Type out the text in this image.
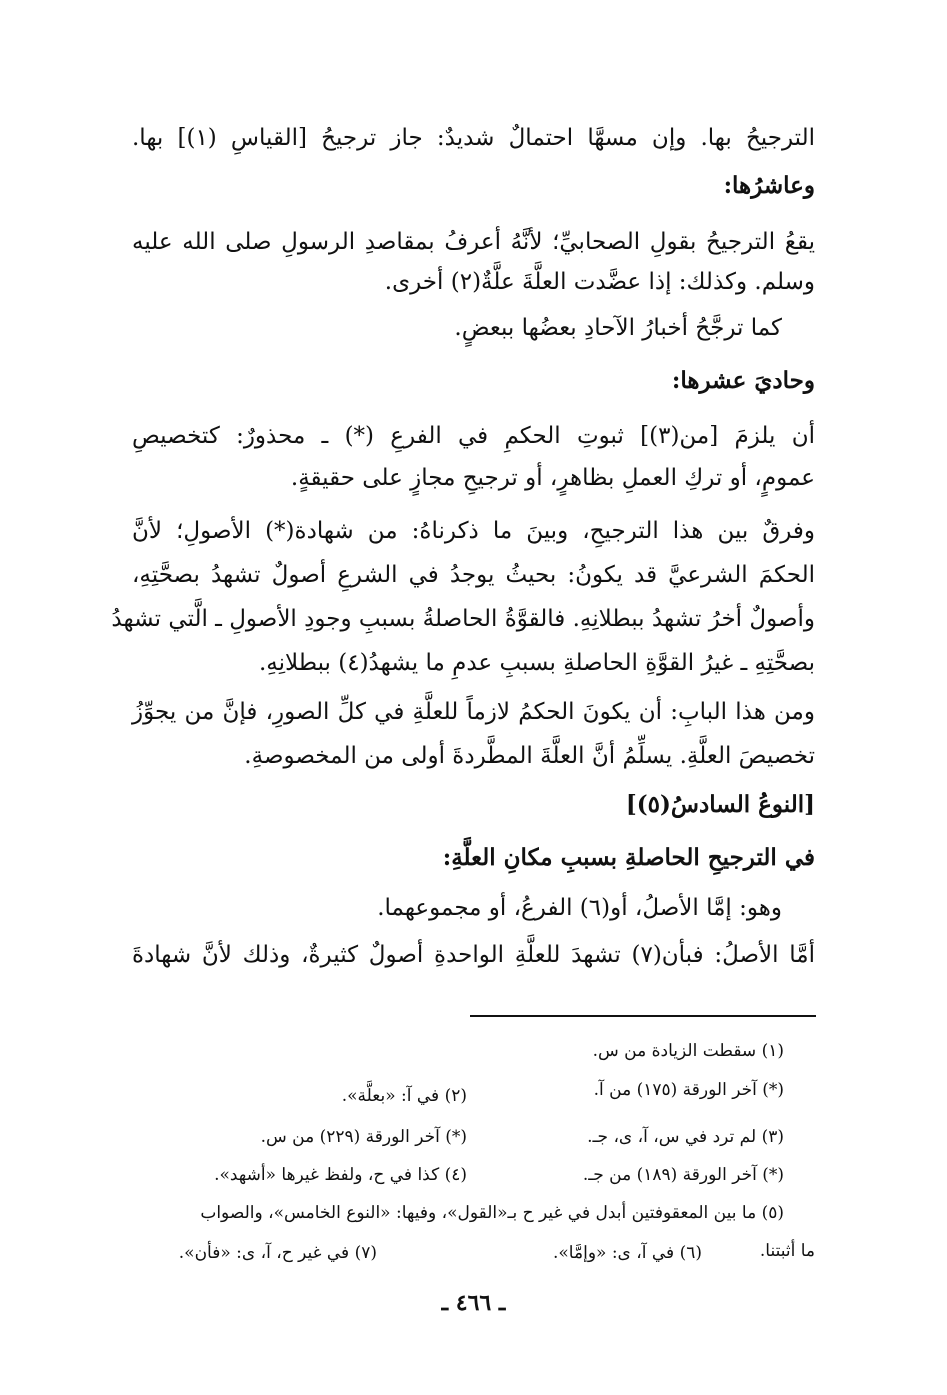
الترجيحُ بها. وإن مسهَّا احتمالٌ شديدٌ: جاز ترجيحُ [القياسِ (١)] بها.
وعاشرُها:
يقعُ الترجيحُ بقولِ الصحابيِّ؛ لأنَّهُ أعرفُ بمقاصدِ الرسولِ صلى الله عليه
وسلم. وكذلك: إذا عضَّدت العلَّةَ علَّةٌ(٢) أخرى.
كما ترجَّحُ أخبارُ الآحادِ بعضُها ببعضٍ.
وحاديَ عشرها:
أن يلزمَ [من(٣)] ثبوتِ الحكمِ في الفرعِ (*) ـ محذورٌ: كتخصيصِ
عمومٍ، أو تركِ العملِ بظاهرٍ، أو ترجيحِ مجازٍ على حقيقةٍ.
وفرقٌ بين هذا الترجيحِ، وبينَ ما ذكرناهُ: من شهادة(*) الأصولِ؛ لأنَّ
الحكمَ الشرعيَّ قد يكونُ: بحيثُ يوجدُ في الشرعِ أصولٌ تشهدُ بصحَّتِهِ،
وأصولٌ أخرُ تشهدُ ببطلانِهِ. فالقوَّةُ الحاصلةُ بسببِ وجودِ الأصولِ ـ الَّتي تشهدُ
بصحَّتِهِ ـ غيرُ القوَّةِ الحاصلةِ بسببِ عدمِ ما يشهدُ(٤) ببطلانِهِ.
ومن هذا البابِ: أن يكونَ الحكمُ لازماً للعلَّةِ في كلِّ الصورِ، فإنَّ من يجوِّزُ
تخصيصَ العلَّةِ. يسلِّمُ أنَّ العلَّةَ المطَّردةَ أولى من المخصوصةِ.
[النوعُ السادسُ(٥)]
في الترجيحِ الحاصلةِ بسببِ مكانِ العلَّةِ:
وهو: إمَّا الأصلُ، أو(٦) الفرعُ، أو مجموعهما.
أمَّا الأصلُ: فبأن(٧) تشهدَ للعلَّةِ الواحدةِ أصولٌ كثيرةٌ، وذلك لأنَّ شهادةَ
(١) سقطت الزيادة من س.
(*) آخر الورقة (١٧٥) من آ.
(٢) في آ: «بعلَّة».
(٣) لم ترد في س، آ، ى، جـ.
(*) آخر الورقة (٢٢٩) من س.
(*) آخر الورقة (١٨٩) من جـ.
(٤) كذا في ح، ولفظ غيرها «أشهد».
(٥) ما بين المعقوفتين أبدل في غير ح بـ«القول»، وفيها: «النوع الخامس»، والصواب
ما أثبتنا.
(٦) في آ، ى: «وإمَّا».
(٧) في غير ح، آ، ى: «فأن».
ـ ٤٦٦ ـ
